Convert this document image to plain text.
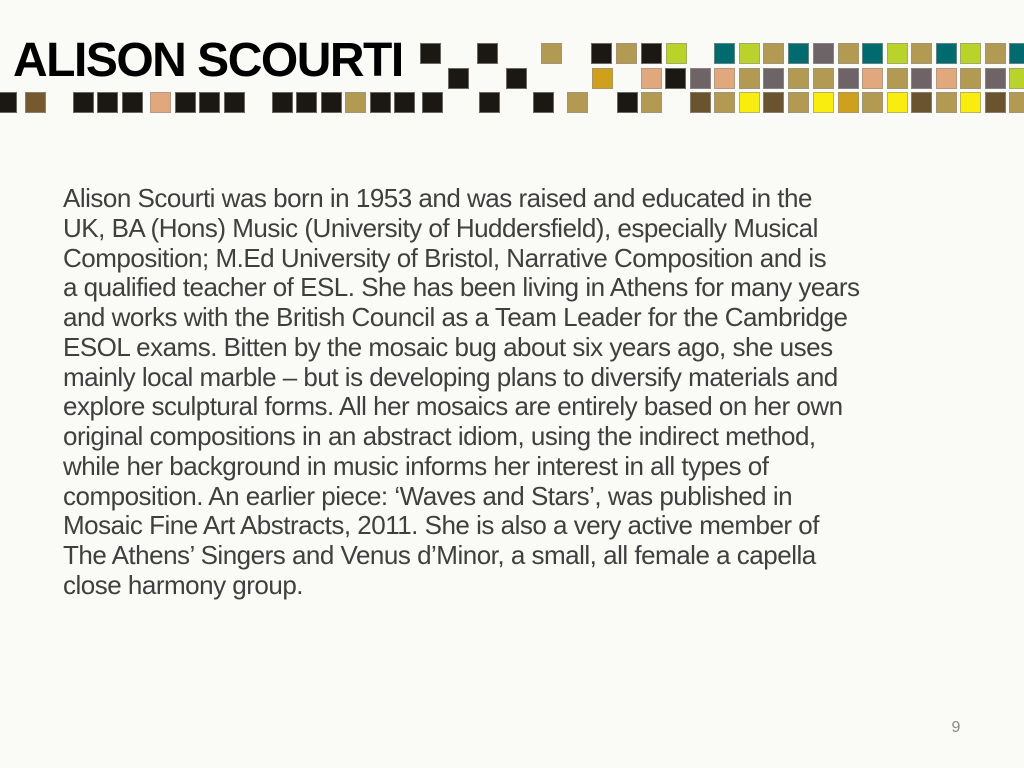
ALISON SCOURTI
Alison Scourti was born in 1953 and was raised and educated in the
UK, BA (Hons) Music (University of Huddersfield), especially Musical
Composition; M.Ed University of Bristol, Narrative Composition and is
a qualified teacher of ESL. She has been living in Athens for many years
and works with the British Council as a Team Leader for the Cambridge
ESOL exams. Bitten by the mosaic bug about six years ago, she uses
mainly local marble – but is developing plans to diversify materials and
explore sculptural forms. All her mosaics are entirely based on her own
original compositions in an abstract idiom, using the indirect method,
while her background in music informs her interest in all types of
composition. An earlier piece: ‘Waves and Stars’, was published in
Mosaic Fine Art Abstracts, 2011. She is also a very active member of
The Athens’ Singers and Venus d’Minor, a small, all female a capella
close harmony group.
9
